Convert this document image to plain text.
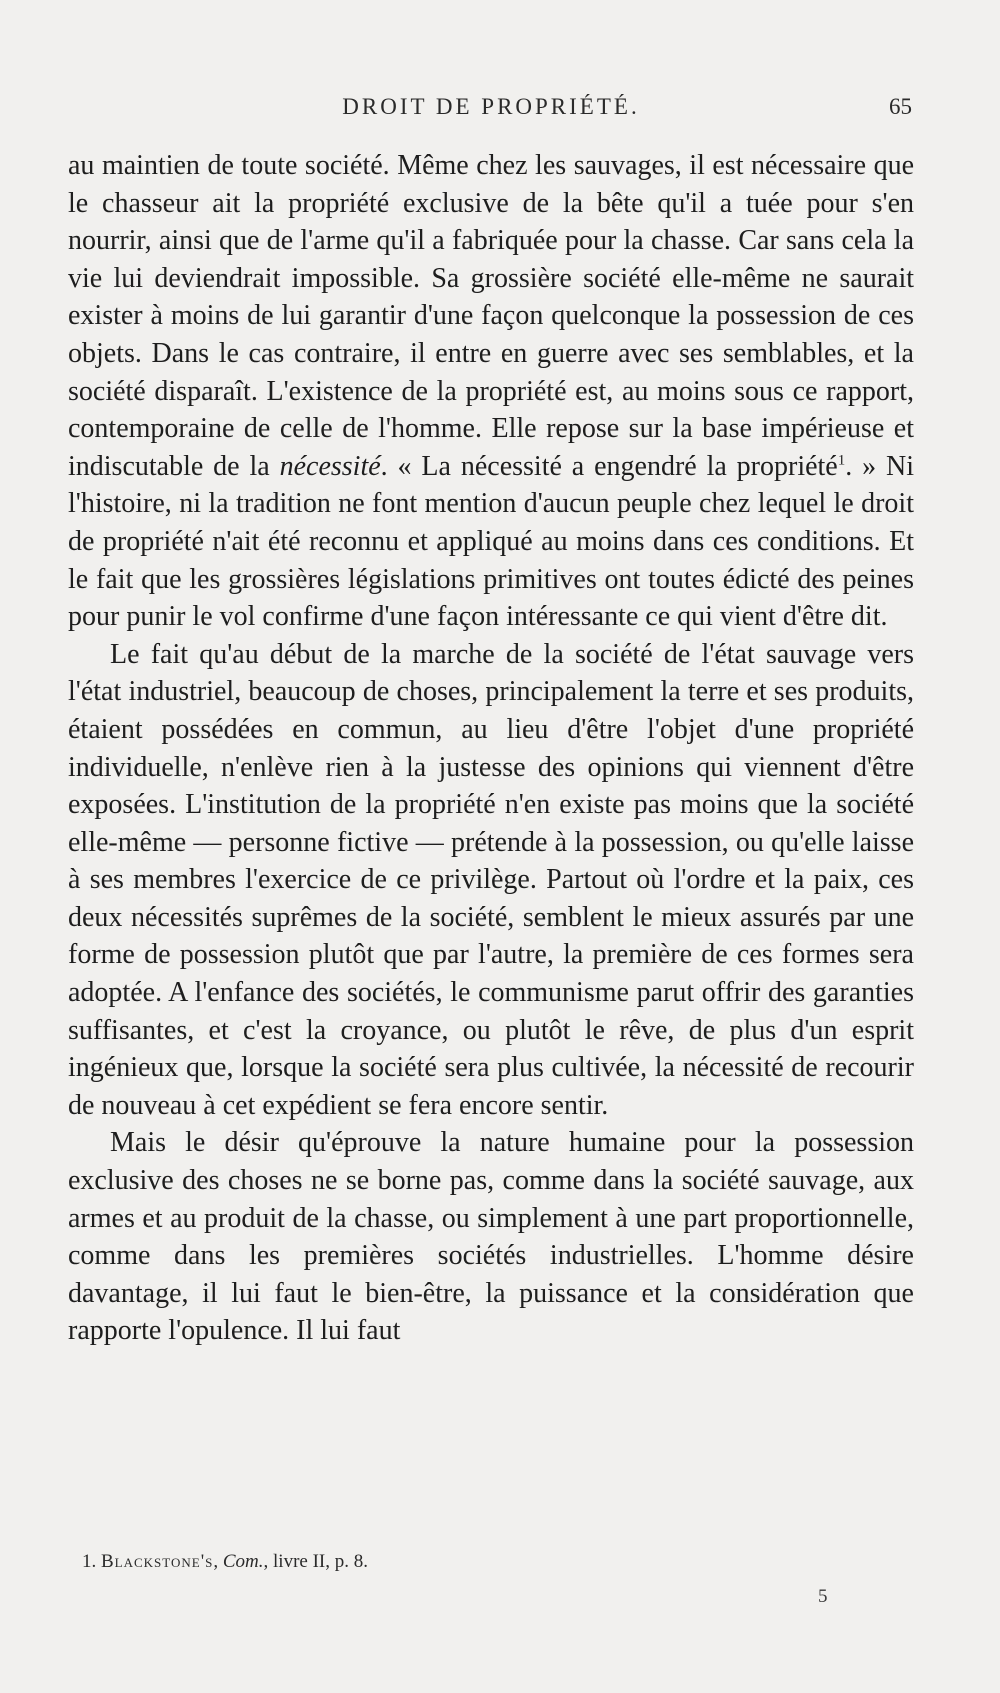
DROIT DE PROPRIÉTÉ.	65

au maintien de toute société. Même chez les sauvages, il est nécessaire que le chasseur ait la propriété exclusive de la bête qu'il a tuée pour s'en nourrir, ainsi que de l'arme qu'il a fabriquée pour la chasse. Car sans cela la vie lui deviendrait impossible. Sa grossière société elle-même ne saurait exister à moins de lui garantir d'une façon quelconque la possession de ces objets. Dans le cas contraire, il entre en guerre avec ses semblables, et la société disparaît. L'existence de la propriété est, au moins sous ce rapport, contemporaine de celle de l'homme. Elle repose sur la base impérieuse et indiscutable de la nécessité. « La nécessité a engendré la propriété$^1$. » Ni l'histoire, ni la tradition ne font mention d'aucun peuple chez lequel le droit de propriété n'ait été reconnu et appliqué au moins dans ces conditions. Et le fait que les grossières législations primitives ont toutes édicté des peines pour punir le vol confirme d'une façon intéressante ce qui vient d'être dit.

Le fait qu'au début de la marche de la société de l'état sauvage vers l'état industriel, beaucoup de choses, principalement la terre et ses produits, étaient possédées en commun, au lieu d'être l'objet d'une propriété individuelle, n'enlève rien à la justesse des opinions qui viennent d'être exposées. L'institution de la propriété n'en existe pas moins que la société elle-même — personne fictive — prétende à la possession, ou qu'elle laisse à ses membres l'exercice de ce privilège. Partout où l'ordre et la paix, ces deux nécessités suprêmes de la société, semblent le mieux assurés par une forme de possession plutôt que par l'autre, la première de ces formes sera adoptée. A l'enfance des sociétés, le communisme parut offrir des garanties suffisantes, et c'est la croyance, ou plutôt le rêve, de plus d'un esprit ingénieux que, lorsque la société sera plus cultivée, la nécessité de recourir de nouveau à cet expédient se fera encore sentir.

Mais le désir qu'éprouve la nature humaine pour la possession exclusive des choses ne se borne pas, comme dans la société sauvage, aux armes et au produit de la chasse, ou simplement à une part proportionnelle, comme dans les premières sociétés industrielles. L'homme désire davantage, il lui faut le bien-être, la puissance et la considération que rapporte l'opulence. Il lui faut

1. Blackstone's, Com., livre II, p. 8.
5
